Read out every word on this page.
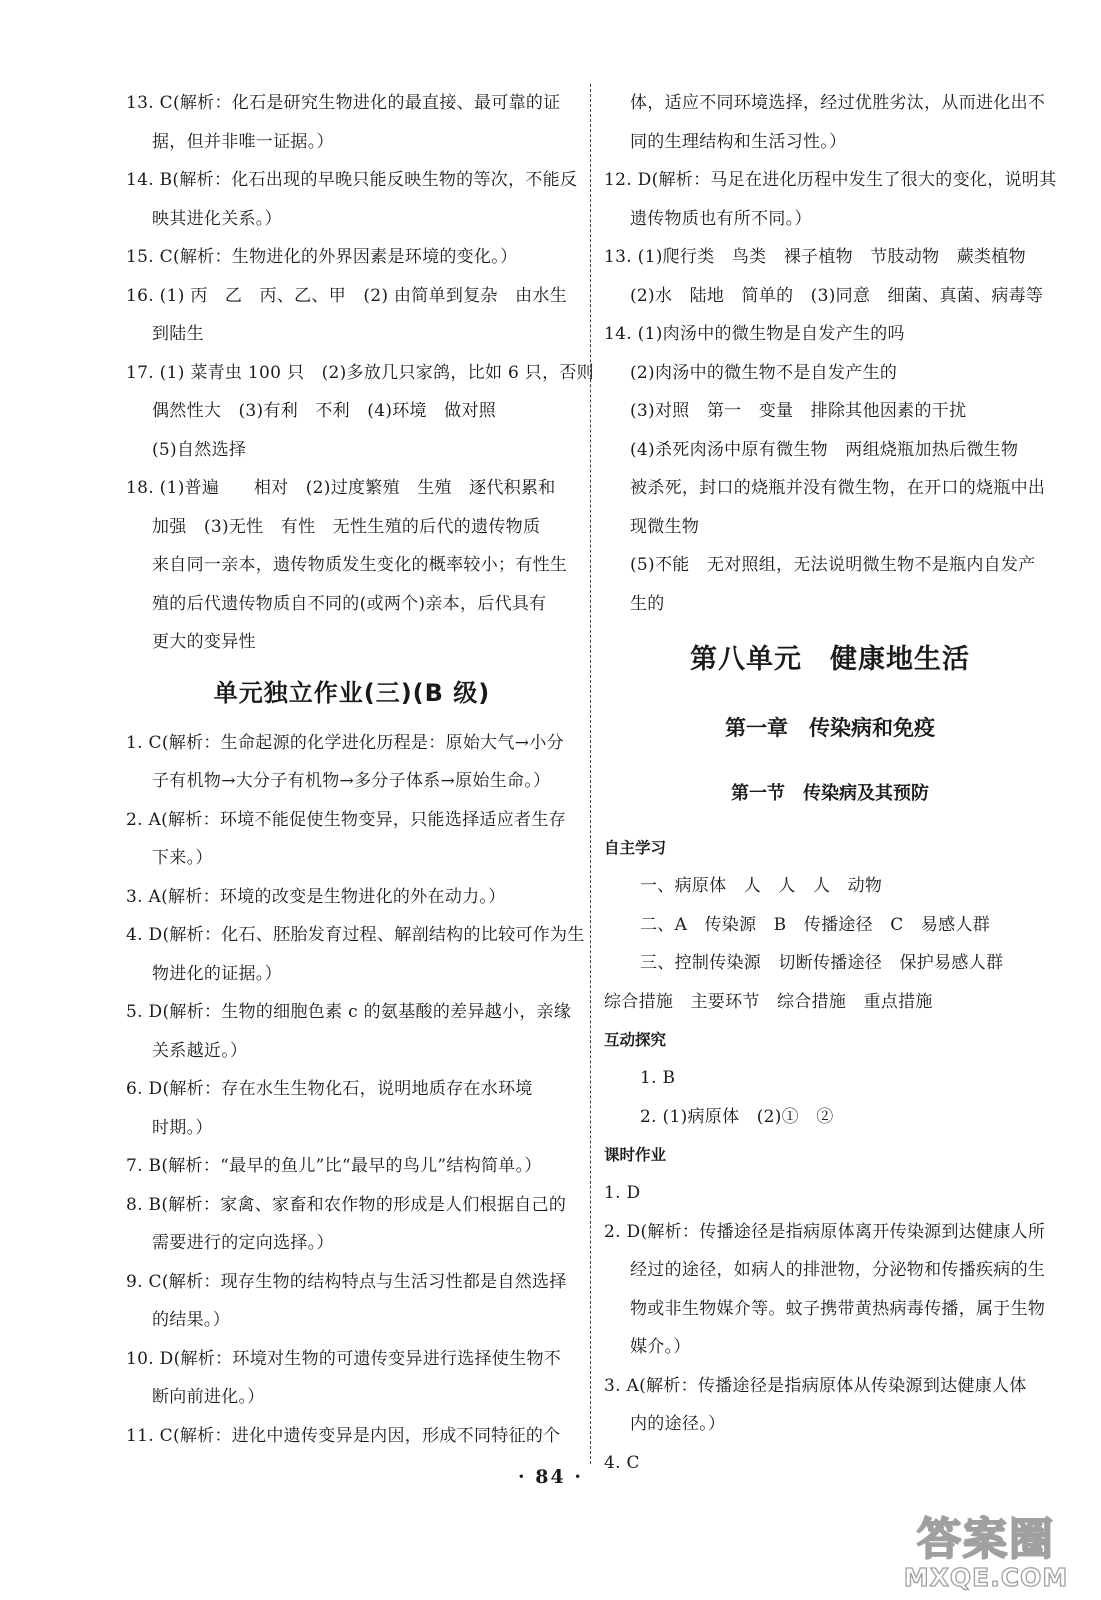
13. C(解析：化石是研究生物进化的最直接、最可靠的证
据，但并非唯一证据。）
14. B(解析：化石出现的早晚只能反映生物的等次，不能反
映其进化关系。）
15. C(解析：生物进化的外界因素是环境的变化。）
16. (1) 丙　乙　丙、乙、甲　(2) 由简单到复杂　由水生
到陆生
17. (1) 菜青虫 100 只　(2)多放几只家鸽，比如 6 只，否则
偶然性大　(3)有利　不利　(4)环境　做对照
(5)自然选择
18. (1)普遍　　相对　(2)过度繁殖　生殖　逐代积累和
加强　(3)无性　有性　无性生殖的后代的遗传物质
来自同一亲本，遗传物质发生变化的概率较小；有性生
殖的后代遗传物质自不同的(或两个)亲本，后代具有
更大的变异性
单元独立作业(三)(B 级)
1. C(解析：生命起源的化学进化历程是：原始大气→小分
子有机物→大分子有机物→多分子体系→原始生命。）
2. A(解析：环境不能促使生物变异，只能选择适应者生存
下来。）
3. A(解析：环境的改变是生物进化的外在动力。）
4. D(解析：化石、胚胎发育过程、解剖结构的比较可作为生
物进化的证据。）
5. D(解析：生物的细胞色素 c 的氨基酸的差异越小，亲缘
关系越近。）
6. D(解析：存在水生生物化石，说明地质存在水环境
时期。）
7. B(解析：“最早的鱼儿”比“最早的鸟儿”结构简单。）
8. B(解析：家禽、家畜和农作物的形成是人们根据自己的
需要进行的定向选择。）
9. C(解析：现存生物的结构特点与生活习性都是自然选择
的结果。）
10. D(解析：环境对生物的可遗传变异进行选择使生物不
断向前进化。）
11. C(解析：进化中遗传变异是内因，形成不同特征的个
体，适应不同环境选择，经过优胜劣汰，从而进化出不
同的生理结构和生活习性。）
12. D(解析：马足在进化历程中发生了很大的变化，说明其
遗传物质也有所不同。）
13. (1)爬行类　鸟类　裸子植物　节肢动物　蕨类植物
(2)水　陆地　简单的　(3)同意　细菌、真菌、病毒等
14. (1)肉汤中的微生物是自发产生的吗
(2)肉汤中的微生物不是自发产生的
(3)对照　第一　变量　排除其他因素的干扰
(4)杀死肉汤中原有微生物　两组烧瓶加热后微生物
被杀死，封口的烧瓶并没有微生物，在开口的烧瓶中出
现微生物
(5)不能　无对照组，无法说明微生物不是瓶内自发产
生的
第八单元　健康地生活
第一章　传染病和免疫
第一节　传染病及其预防
自主学习
一、病原体　人　人　人　动物
二、A　传染源　B　传播途径　C　易感人群
三、控制传染源　切断传播途径　保护易感人群
综合措施　主要环节　综合措施　重点措施
互动探究
1. B
2. (1)病原体　(2)①　②
课时作业
1. D
2. D(解析：传播途径是指病原体离开传染源到达健康人所
经过的途径，如病人的排泄物，分泌物和传播疾病的生
物或非生物媒介等。蚊子携带黄热病毒传播，属于生物
媒介。）
3. A(解析：传播途径是指病原体从传染源到达健康人体
内的途径。）
4. C
· 84 ·
答案圈
MXQE.COM
